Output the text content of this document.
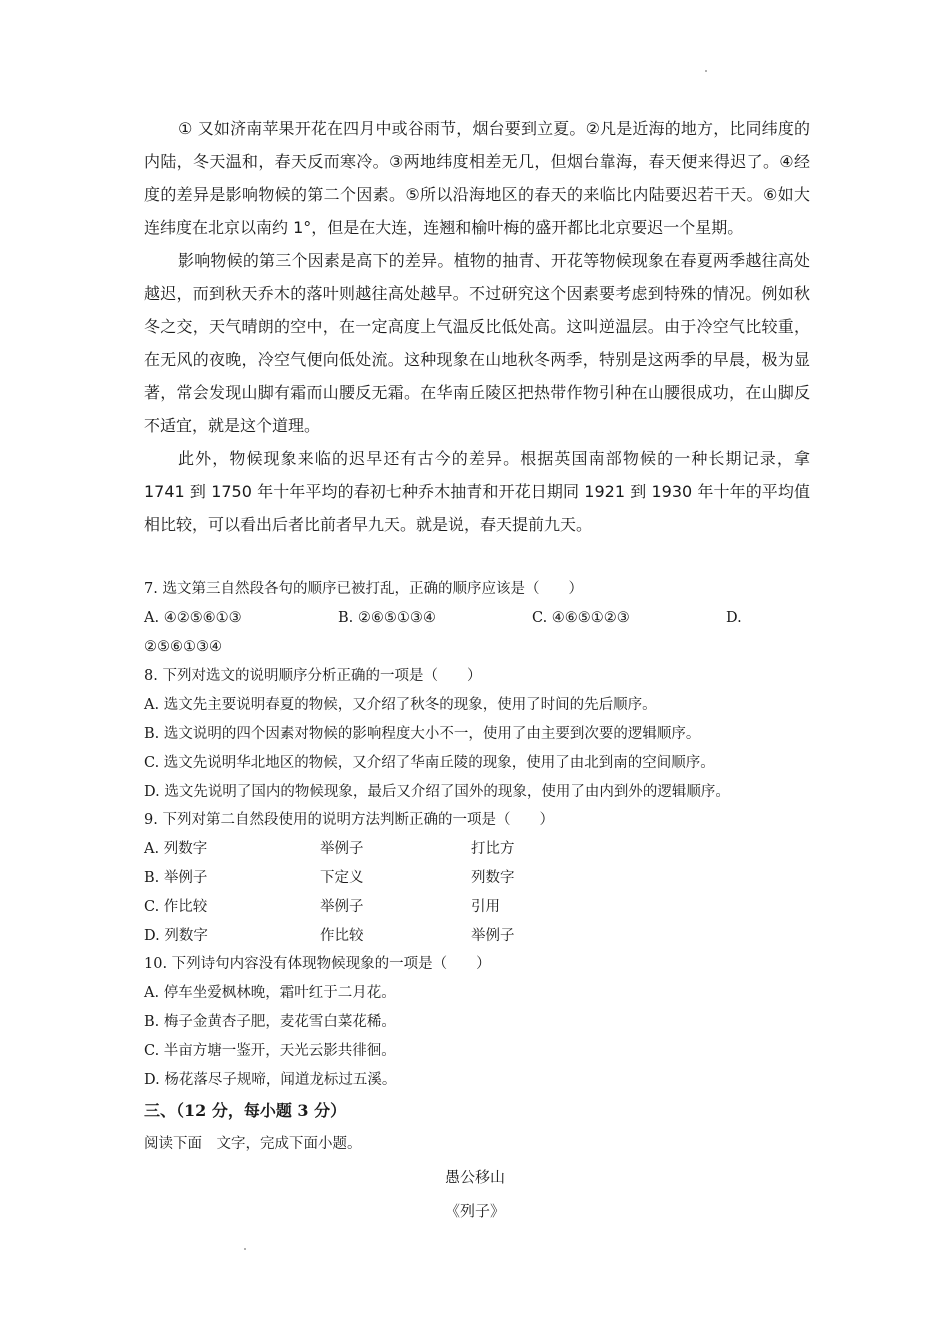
① 又如济南苹果开花在四月中或谷雨节，烟台要到立夏。②凡是近海的地方，比同纬度的内陆，冬天温和，春天反而寒冷。③两地纬度相差无几，但烟台靠海，春天便来得迟了。④经度的差异是影响物候的第二个因素。⑤所以沿海地区的春天的来临比内陆要迟若干天。⑥如大连纬度在北京以南约 1°，但是在大连，连翘和榆叶梅的盛开都比北京要迟一个星期。

影响物候的第三个因素是高下的差异。植物的抽青、开花等物候现象在春夏两季越往高处越迟，而到秋天乔木的落叶则越往高处越早。不过研究这个因素要考虑到特殊的情况。例如秋冬之交，天气晴朗的空中，在一定高度上气温反比低处高。这叫逆温层。由于冷空气比较重，在无风的夜晚，冷空气便向低处流。这种现象在山地秋冬两季，特别是这两季的早晨，极为显著，常会发现山脚有霜而山腰反无霜。在华南丘陵区把热带作物引种在山腰很成功，在山脚反不适宜，就是这个道理。

此外，物候现象来临的迟早还有古今的差异。根据英国南部物候的一种长期记录，拿 1741 到 1750 年十年平均的春初七种乔木抽青和开花日期同 1921 到 1930 年十年的平均值相比较，可以看出后者比前者早九天。就是说，春天提前九天。

7. 选文第三自然段各句的顺序已被打乱，正确的顺序应该是（　　）
A. ④②⑤⑥①③	B. ②⑥⑤①③④	C. ④⑥⑤①②③	D.
②⑤⑥①③④
8. 下列对选文的说明顺序分析正确的一项是（　　）
A. 选文先主要说明春夏的物候，又介绍了秋冬的现象，使用了时间的先后顺序。
B. 选文说明的四个因素对物候的影响程度大小不一，使用了由主要到次要的逻辑顺序。
C. 选文先说明华北地区的物候，又介绍了华南丘陵的现象，使用了由北到南的空间顺序。
D. 选文先说明了国内的物候现象，最后又介绍了国外的现象，使用了由内到外的逻辑顺序。
9. 下列对第二自然段使用的说明方法判断正确的一项是（　　）
A. 列数字	举例子	打比方
B. 举例子	下定义	列数字
C. 作比较	举例子	引用
D. 列数字	作比较	举例子
10. 下列诗句内容没有体现物候现象的一项是（　　）
A. 停车坐爱枫林晚，霜叶红于二月花。
B. 梅子金黄杏子肥，麦花雪白菜花稀。
C. 半亩方塘一鉴开，天光云影共徘徊。
D. 杨花落尽子规啼，闻道龙标过五溪。
三、（12 分，每小题 3 分）
阅读下面　文字，完成下面小题。
愚公移山
《列子》
